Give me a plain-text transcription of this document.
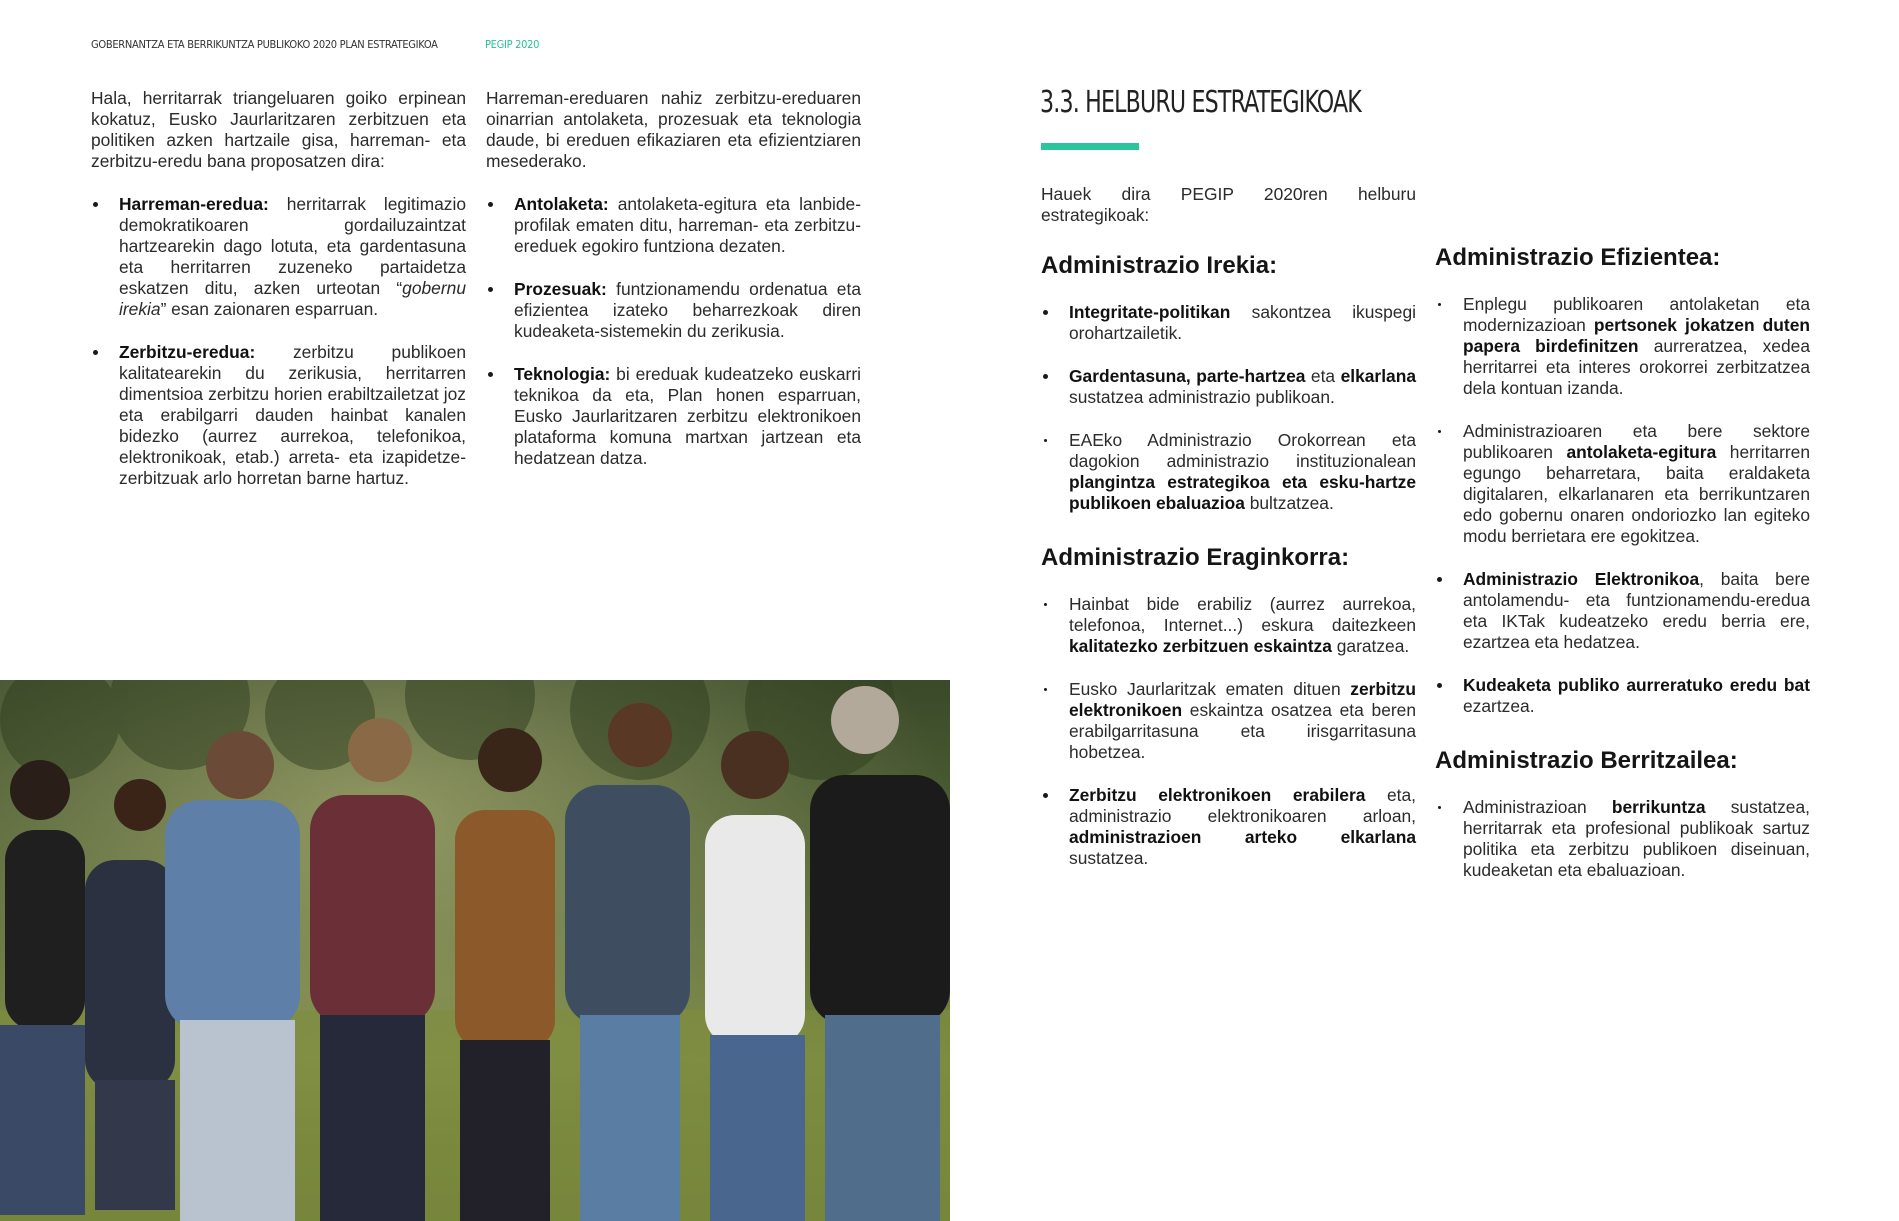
GOBERNANTZA ETA BERRIKUNTZA PUBLIKOKO 2020 PLAN ESTRATEGIKOA	PEGIP 2020

Hala, herritarrak triangeluaren goiko erpinean kokatuz, Eusko Jaurlaritzaren zerbitzuen eta politiken azken hartzaile gisa, harreman- eta zerbitzu-eredu bana proposatzen dira:

Harreman-eredua: herritarrak legitimazio demokratikoaren gordailuzaintzat hartzearekin dago lotuta, eta gardentasuna eta herritarren zuzeneko partaidetza eskatzen ditu, azken urteotan “gobernu irekia” esan zaionaren esparruan.
Zerbitzu-eredua: zerbitzu publikoen kalitatearekin du zerikusia, herritarren dimentsioa zerbitzu horien erabiltzailetzat joz eta erabilgarri dauden hainbat kanalen bidezko (aurrez aurrekoa, telefonikoa, elektronikoak, etab.) arreta- eta izapidetze-zerbitzuak arlo horretan barne hartuz.

Harreman-ereduaren nahiz zerbitzu-ereduaren oinarrian antolaketa, prozesuak eta teknologia daude, bi ereduen efikaziaren eta efizientziaren mesederako.

Antolaketa: antolaketa-egitura eta lanbide-profilak ematen ditu, harreman- eta zerbitzu-ereduek egokiro funtziona dezaten.
Prozesuak: funtzionamendu ordenatua eta efizientea izateko beharrezkoak diren kudeaketa-sistemekin du zerikusia.
Teknologia: bi ereduak kudeatzeko euskarri teknikoa da eta, Plan honen esparruan, Eusko Jaurlaritzaren zerbitzu elektronikoen plataforma komuna martxan jartzean eta hedatzean datza.
3.3. HELBURU ESTRATEGIKOAK

Hauek dira PEGIP 2020ren helburu estrategikoak:

Administrazio Irekia:
Integritate-politikan sakontzea ikuspegi orohartzailetik.
Gardentasuna, parte-hartzea eta elkarlana sustatzea administrazio publikoan.
EAEko Administrazio Orokorrean eta dagokion administrazio instituzionalean plangintza estrategikoa eta esku-hartze publikoen ebaluazioa bultzatzea.
Administrazio Eraginkorra:
Hainbat bide erabiliz (aurrez aurrekoa, telefonoa, Internet...) eskura daitezkeen kalitatezko zerbitzuen eskaintza garatzea.
Eusko Jaurlaritzak ematen dituen zerbitzu elektronikoen eskaintza osatzea eta beren erabilgarritasuna eta irisgarritasuna hobetzea.
Zerbitzu elektronikoen erabilera eta, administrazio elektronikoaren arloan, administrazioen arteko elkarlana sustatzea.
Administrazio Efizientea:
Enplegu publikoaren antolaketan eta modernizazioan pertsonek jokatzen duten papera birdefinitzen aurreratzea, xedea herritarrei eta interes orokorrei zerbitzatzea dela kontuan izanda.
Administrazioaren eta bere sektore publikoaren antolaketa-egitura herritarren egungo beharretara, baita eraldaketa digitalaren, elkarlanaren eta berrikuntzaren edo gobernu onaren ondoriozko lan egiteko modu berrietara ere egokitzea.
Administrazio Elektronikoa, baita bere antolamendu- eta funtzionamendu-eredua eta IKTak kudeatzeko eredu berria ere, ezartzea eta hedatzea.
Kudeaketa publiko aurreratuko eredu bat ezartzea.
Administrazio Berritzailea:
Administrazioan berrikuntza sustatzea, herritarrak eta profesional publikoak sartuz politika eta zerbitzu publikoen diseinuan, kudeaketan eta ebaluazioan.
